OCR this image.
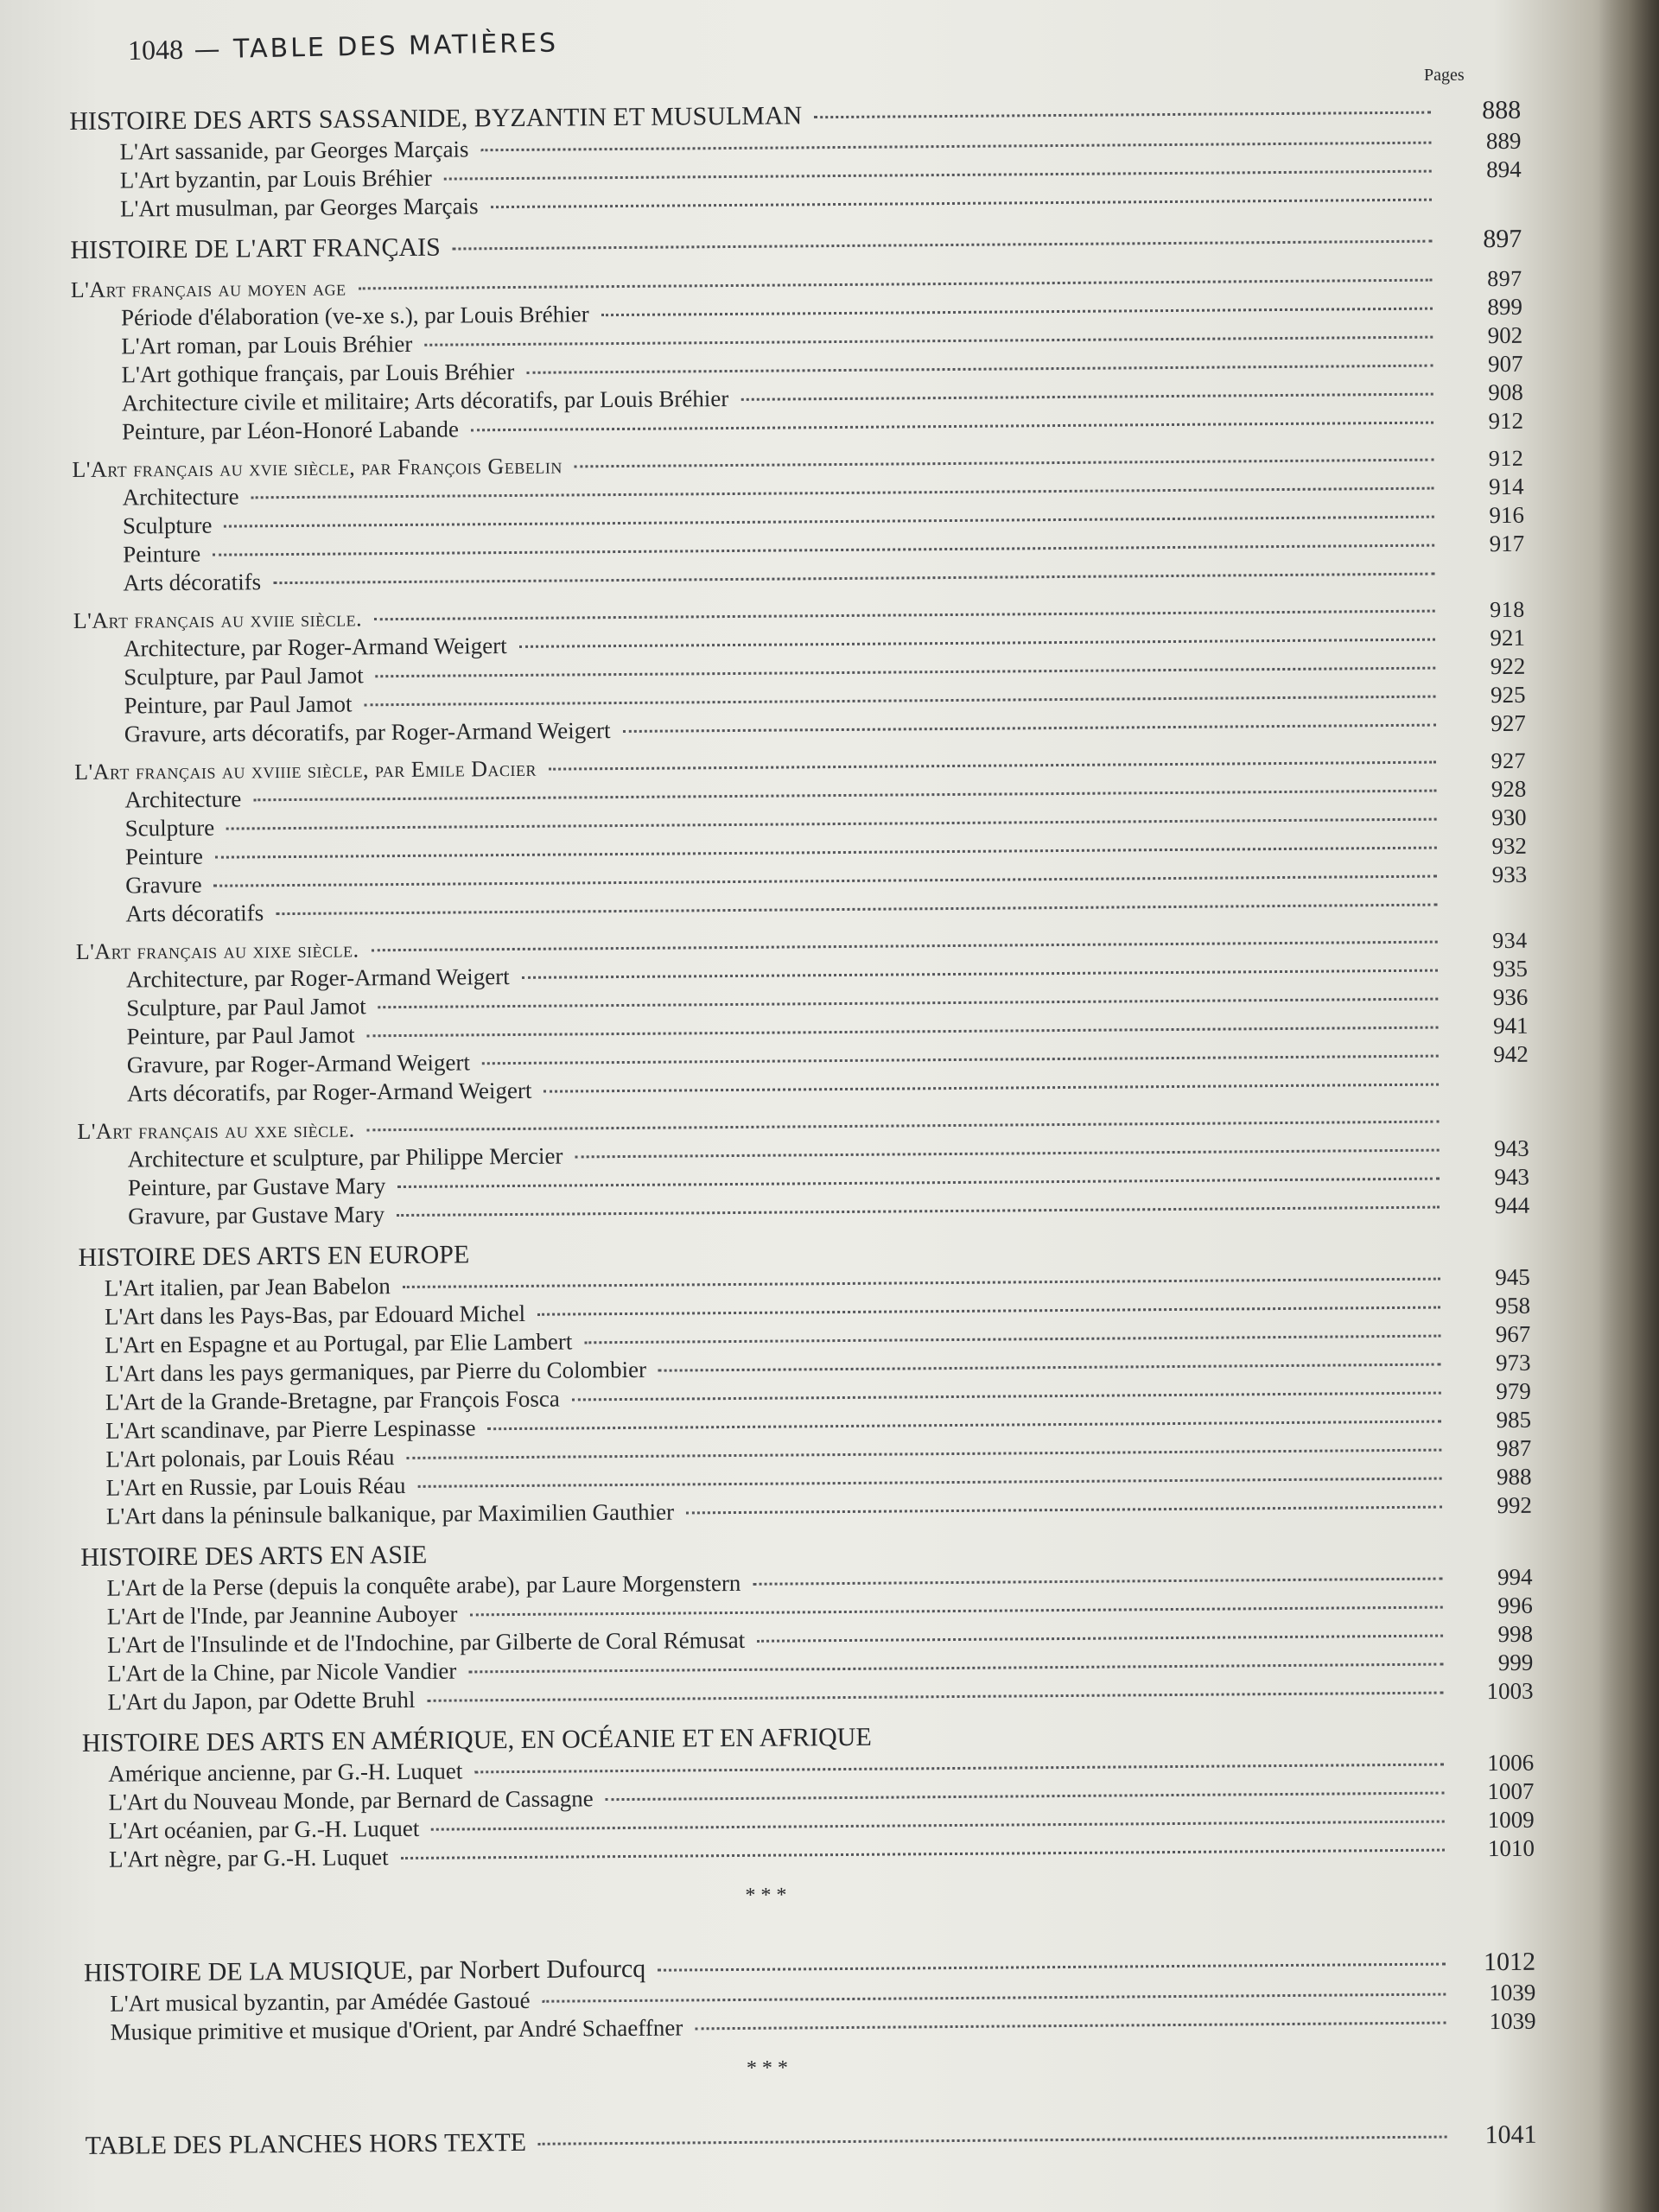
1048 — TABLE DES MATIÈRES
Pages
HISTOIRE DES ARTS SASSANIDE, BYZANTIN ET MUSULMAN	888
L'Art sassanide, par Georges Marçais	889
L'Art byzantin, par Louis Bréhier	894
L'Art musulman, par Georges Marçais
HISTOIRE DE L'ART FRANÇAIS	897
L'Art français au moyen age	897
Période d'élaboration (ve-xe s.), par Louis Bréhier	899
L'Art roman, par Louis Bréhier	902
L'Art gothique français, par Louis Bréhier	907
Architecture civile et militaire; Arts décoratifs, par Louis Bréhier	908
Peinture, par Léon-Honoré Labande	912
L'Art français au xvie siècle, par François Gebelin	912
Architecture	914
Sculpture	916
Peinture	917
Arts décoratifs
L'Art français au xviie siècle.	918
Architecture, par Roger-Armand Weigert	921
Sculpture, par Paul Jamot	922
Peinture, par Paul Jamot	925
Gravure, arts décoratifs, par Roger-Armand Weigert	927
L'Art français au xviiie siècle, par Emile Dacier	927
Architecture	928
Sculpture	930
Peinture	932
Gravure	933
Arts décoratifs
L'Art français au xixe siècle.	934
Architecture, par Roger-Armand Weigert	935
Sculpture, par Paul Jamot	936
Peinture, par Paul Jamot	941
Gravure, par Roger-Armand Weigert	942
Arts décoratifs, par Roger-Armand Weigert
L'Art français au xxe siècle.
Architecture et sculpture, par Philippe Mercier	943
Peinture, par Gustave Mary	943
Gravure, par Gustave Mary	944
HISTOIRE DES ARTS EN EUROPE
L'Art italien, par Jean Babelon	945
L'Art dans les Pays-Bas, par Edouard Michel	958
L'Art en Espagne et au Portugal, par Elie Lambert	967
L'Art dans les pays germaniques, par Pierre du Colombier	973
L'Art de la Grande-Bretagne, par François Fosca	979
L'Art scandinave, par Pierre Lespinasse	985
L'Art polonais, par Louis Réau	987
L'Art en Russie, par Louis Réau	988
L'Art dans la péninsule balkanique, par Maximilien Gauthier	992
HISTOIRE DES ARTS EN ASIE
L'Art de la Perse (depuis la conquête arabe), par Laure Morgenstern	994
L'Art de l'Inde, par Jeannine Auboyer	996
L'Art de l'Insulinde et de l'Indochine, par Gilberte de Coral Rémusat	998
L'Art de la Chine, par Nicole Vandier	999
L'Art du Japon, par Odette Bruhl	1003
HISTOIRE DES ARTS EN AMÉRIQUE, EN OCÉANIE ET EN AFRIQUE
Amérique ancienne, par G.-H. Luquet	1006
L'Art du Nouveau Monde, par Bernard de Cassagne	1007
L'Art océanien, par G.-H. Luquet	1009
L'Art nègre, par G.-H. Luquet	1010
* * *
HISTOIRE DE LA MUSIQUE, par Norbert Dufourcq	1012
L'Art musical byzantin, par Amédée Gastoué	1039
Musique primitive et musique d'Orient, par André Schaeffner	1039
* * *
TABLE DES PLANCHES HORS TEXTE	1041
